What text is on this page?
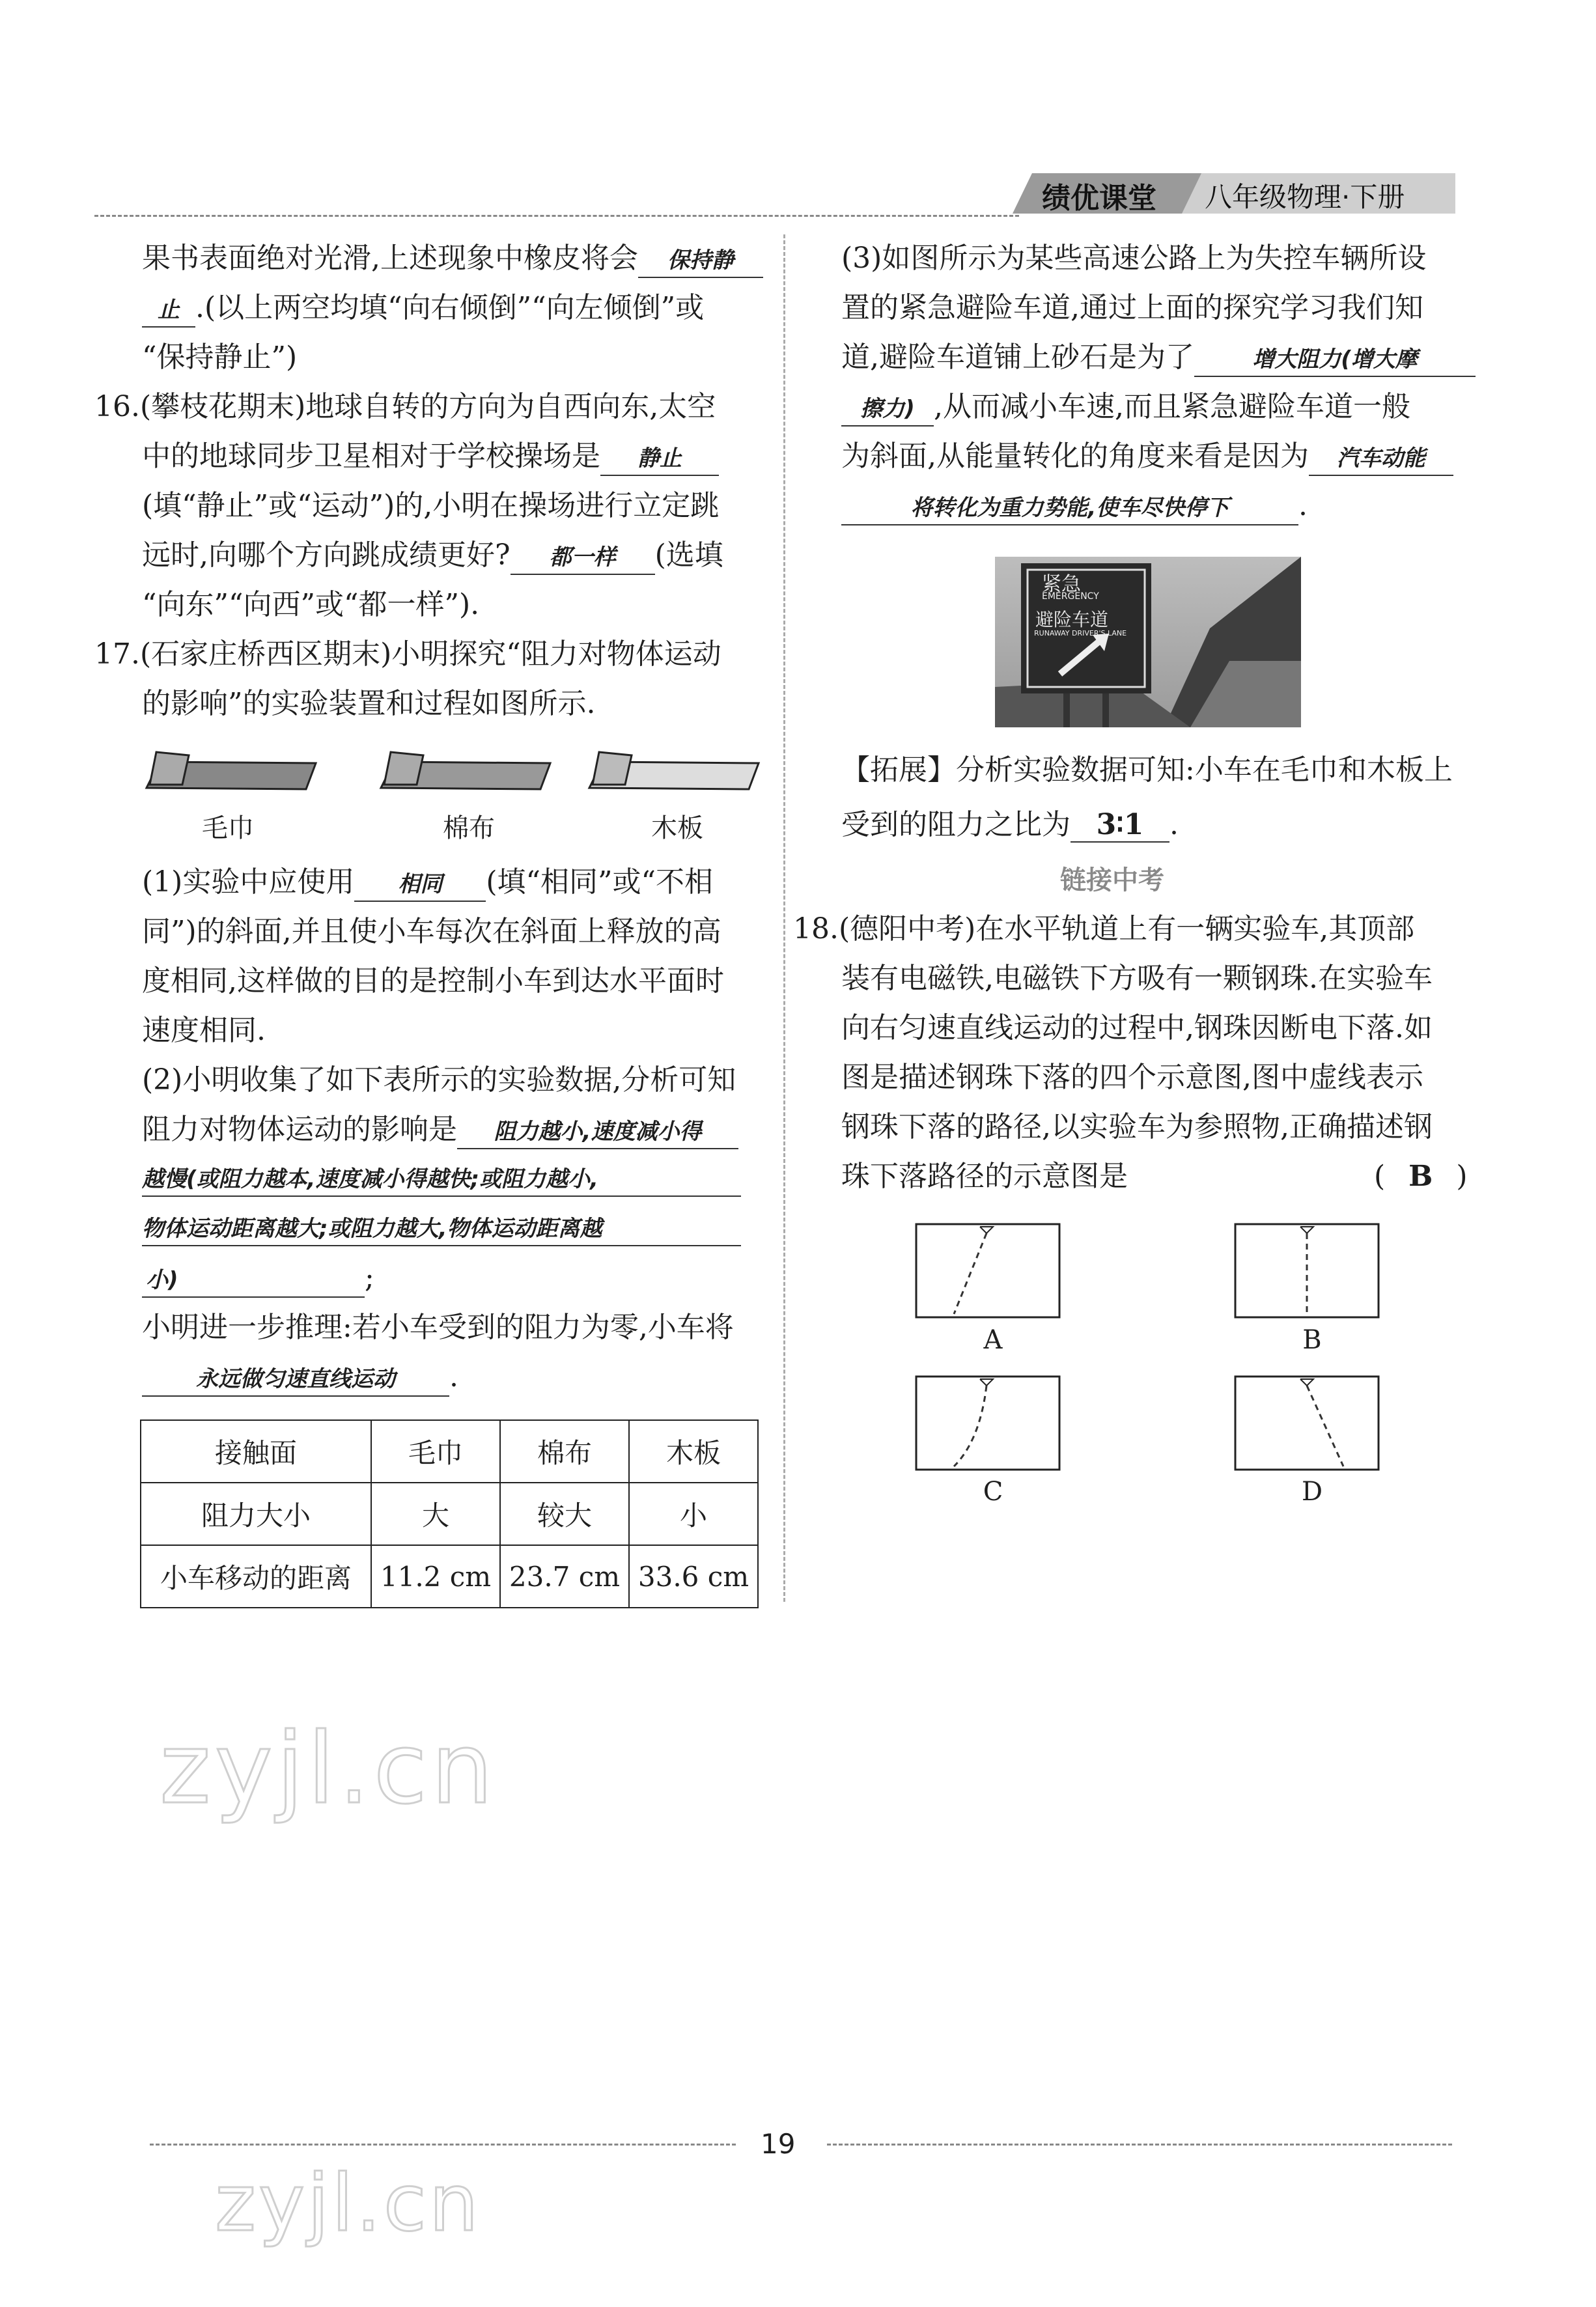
绩优课堂 八年级物理·下册
果书表面绝对光滑,上述现象中橡皮将会 保持静
止 .(以上两空均填“向右倾倒”“向左倾倒”或
“保持静止”)
16.(攀枝花期末)地球自转的方向为自西向东,太空
中的地球同步卫星相对于学校操场是 静止
(填“静止”或“运动”)的,小明在操场进行立定跳
远时,向哪个方向跳成绩更好? 都一样 (选填
“向东”“向西”或“都一样”).
17.(石家庄桥西区期末)小明探究“阻力对物体运动
的影响”的实验装置和过程如图所示.
毛巾	棉布	木板
(1)实验中应使用 相同 (填“相同”或“不相
同”)的斜面,并且使小车每次在斜面上释放的高
度相同,这样做的目的是控制小车到达水平面时
速度相同.
(2)小明收集了如下表所示的实验数据,分析可知
阻力对物体运动的影响是 阻力越小,速度减小得
越慢(或阻力越本,速度减小得越快;或阻力越小,
物体运动距离越大;或阻力越大,物体运动距离越
小)	;
小明进一步推理:若小车受到的阻力为零,小车将
永远做匀速直线运动 .
接触面	毛巾	棉布	木板
阻力大小	大	较大	小
小车移动的距离	11.2 cm	23.7 cm	33.6 cm
(3)如图所示为某些高速公路上为失控车辆所设
置的紧急避险车道,通过上面的探究学习我们知
道,避险车道铺上砂石是为了	增大阻力(增大摩
擦力) ,从而减小车速,而且紧急避险车道一般
为斜面,从能量转化的角度来看是因为 汽车动能
将转化为重力势能,使车尽快停下 .
紧急
EMERGENCY
避险车道
RUNAWAY DRIVER'S LANE
【拓展】分析实验数据可知:小车在毛巾和木板上
受到的阻力之比为 3∶1 .
链接中考
18.(德阳中考)在水平轨道上有一辆实验车,其顶部
装有电磁铁,电磁铁下方吸有一颗钢珠.在实验车
向右匀速直线运动的过程中,钢珠因断电下落.如
图是描述钢珠下落的四个示意图,图中虚线表示
钢珠下落的路径,以实验车为参照物,正确描述钢
珠下落路径的示意图是	( B )
A	B
C	D
zyjl.cn
zyjl.cn
19
